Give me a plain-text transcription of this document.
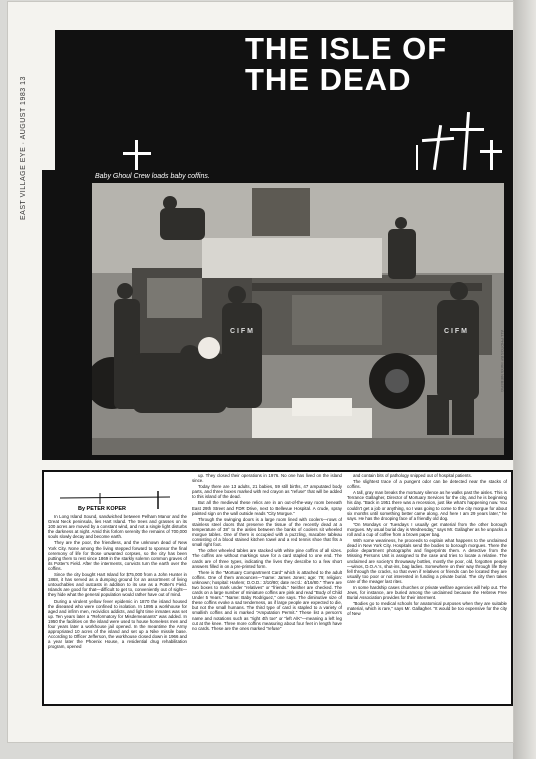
EAST VILLAGE EYE · AUGUST 1983 13
THE ISLE OF
THE DEAD
Baby Ghoul Crew loads baby coffins.
C I F M	C I F M	ALL PHOTOS BY MAYA NIEBERG
By PETER KOPER

In Long Island Sound, sandwiched between Pelham Manor and the Great Neck peninsula, lies Hart Island. The trees and grasses on its 100 acres are moved by a constant wind, and not a single light disturbs the darkness at night. Amid this forlorn serenity the remains of 700,000 souls slowly decay and become earth.

They are the poor, the friendless, and the unknown dead of New York City. None among the living stepped forward to sponsor the final ceremony of life for those unwanted corpses, so the city has been putting them to rest since 1869 in the starkly solemn common graves of its Potter's Field. After the interments, convicts turn the earth over the coffins.

Since the city bought Hart Island for $75,000 from a John Hunter in 1868, it has served as a dumping ground for an assortment of living untouchables and outcasts in addition to its use as a Potter's Field. Islands are good for that—difficult to get to, conveniently out of sight—they hide what the general population would rather have out of mind.

During a virulent yellow fever epidemic in 1870 the island housed the diseased who were confined to isolation. In 1895 a workhouse for aged and infirm men, recividics addicts, and light time inmates was set up. Ten years later a "Reformatory for Misdemeanants" was added. In 1950 the facilities on the island were used to house homeless men and four years later a workhouse jail opened. In the meantime the Army appropriated 10 acres of the island and set up a Nike missile base. According to Officer Jefferson, the workhouse closed down in 1966 and a year later the Phoenix House, a residential drug rehabilitation program, opened

up. They closed their operations in 1976. No one has lived on the island since.

Today there are 13 adults, 21 babies, 59 still births, 47 amputated body parts, and three boxes marked with red crayon as "refuse" that will be added to this island of the dead.

But all the medieval these relics are in an out-of-the-way room beneath East 29th Street and FDR Drive, next to Bellevue Hospital. A crude, spray painted sign on the wall outside reads "City Morgue."

Through the swinging doors is a large room lined with coolers—rows of stainless steel doors that preserve the tissue of the recently dead at a temperature of 38° to the aisles between the banks of coolers sit wheeled morgue tables. One of them is occupied with a puzzling, macabre tableau consisting of a blood stained kitchen towel and a red tennis shoe that fits a small right foot.

The other wheeled tables are stacked with white pine coffins of all sizes. The coffins are without markings save for a card stapled to one end. The cards are of three types, indicating the lives they describe to a few short answers filled in on a pre-printed form.

There is the "Mortuary Compartment Card" which is attached to the adult coffins. One of them announces—"name: James Jones; age: 79; religion: unknown; hospital: Harlem; D.O.D.: 3/10/80; date rec'd.: 4/16/80." There are two boxes to mark under "relatives" or "friends." Neither are checked. The cards on a large number of miniature coffins are pink and read "Body of Child Under 5 Years." "Name: Baby Rodriguez," one says. The diminutive size of these coffins evoke a sad tenderness, as if large people are expected to die, but not the small humans. The third type of card is stapled to a variety of smallish coffins and is marked "Amputation Permit." These list a person's name and notations such as "right 4th toe" or "left A/K"—meaning a left leg cut at the knee. Three more coffins measuring about four feet in length have no cards. These are the ones marked "refuse"

and contain bits of pathology snipped out of hospital patients.

The slightest trace of a pungent odor can be detected near the stacks of coffins.

A tall, gray man breaks the mortuary silence as he walks past the aisles. This is Terrance Gallagher, Director of Mortuary Services for the city, and he is beginning his day. "Back in 1951 there was a recession, just like what's happening now. You couldn't get a job or anything, so I was going to come to the city morgue for about six months until something better came along. And here I am 29 years later," he says. He has the drooping face of a friendly old dog.

"On Mondays or Tuesdays I usually get material from the other borough morgues. My usual burial day is Wednesday," says Mr. Gallagher as he unpacks a roll and a cup of coffee from a brown paper bag.

With some weariness, he proceeds to explain what happens to the unclaimed dead in New York City. Hospitals send the bodies to borough morgues. There the police department photographs and fingerprints them. A detective from the Missing Persons Unit is assigned to the case and tries to locate a relative. The unclaimed are society's throwaway bottles, mostly the poor, old, forgotten people—winos, D.O.A.'s, shut-ins, bag ladies. Somewhere on their way through life they fell through the cracks, so that even if relatives or friends can be located they are usually too poor or not interested in funding a private burial. The city then takes care of the meager last rites.

In some hardship cases churches or private welfare agencies will help out. The Jews, for instance, are buried among the unclaimed because the Hebrew Free Burial Association provides for their interment.

"Bodies go to medical schools for anatomical purposes when they are suitable material, which is rare," says Mr. Gallagher. "It would be too expensive for the city of New
